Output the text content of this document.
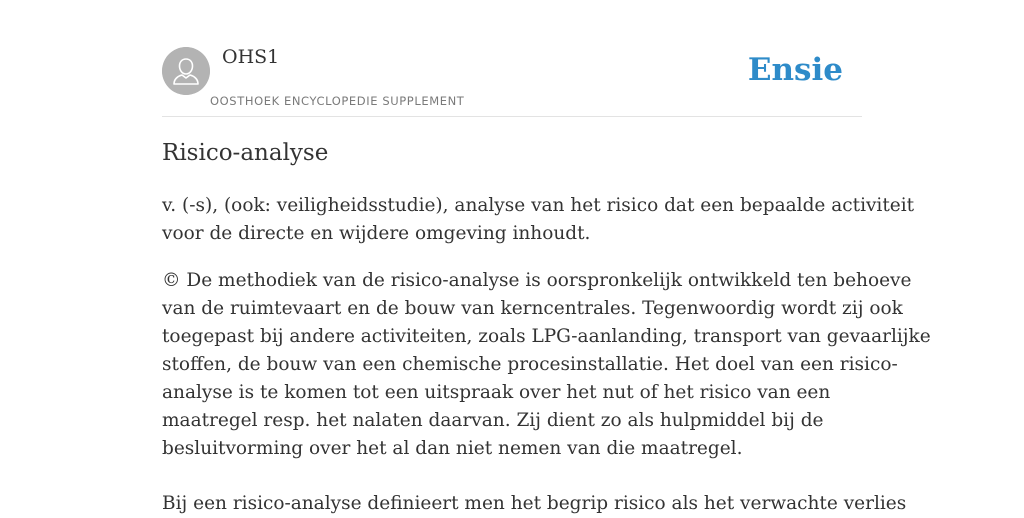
OHS1
OOSTHOEK ENCYCLOPEDIE SUPPLEMENT
Ensie
Risico-analyse
v. (-s), (ook: veiligheidsstudie), analyse van het risico dat een bepaalde activiteit
voor de directe en wijdere omgeving inhoudt.
© De methodiek van de risico-analyse is oorspronkelijk ontwikkeld ten behoeve
van de ruimtevaart en de bouw van kerncentrales. Tegenwoordig wordt zij ook
toegepast bij andere activiteiten, zoals LPG-aanlanding, transport van gevaarlijke
stoffen, de bouw van een chemische procesinstallatie. Het doel van een risico-
analyse is te komen tot een uitspraak over het nut of het risico van een
maatregel resp. het nalaten daarvan. Zij dient zo als hulpmiddel bij de
besluitvorming over het al dan niet nemen van die maatregel.
Bij een risico-analyse definieert men het begrip risico als het verwachte verlies
